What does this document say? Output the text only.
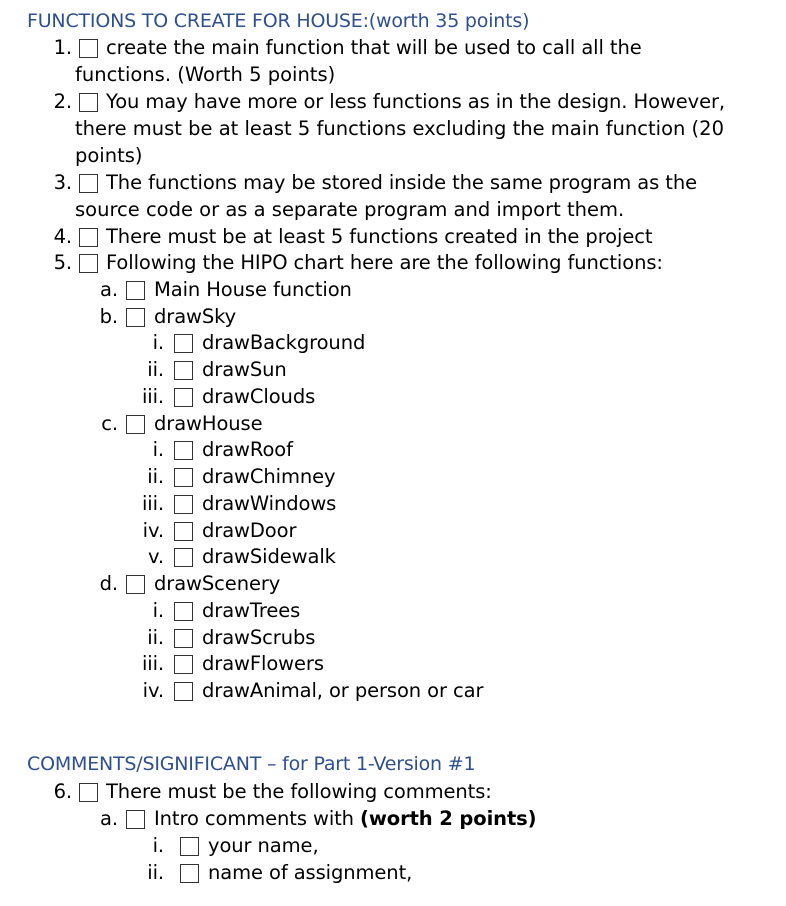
FUNCTIONS TO CREATE FOR HOUSE:(worth 35 points)
1. create the main function that will be used to call all the
functions. (Worth 5 points)
2. You may have more or less functions as in the design. However,
there must be at least 5 functions excluding the main function (20
points)
3. The functions may be stored inside the same program as the
source code or as a separate program and import them.
4. There must be at least 5 functions created in the project
5. Following the HIPO chart here are the following functions:
a. Main House function
b. drawSky
i. drawBackground
ii. drawSun
iii. drawClouds
c. drawHouse
i. drawRoof
ii. drawChimney
iii. drawWindows
iv. drawDoor
v. drawSidewalk
d. drawScenery
i. drawTrees
ii. drawScrubs
iii. drawFlowers
iv. drawAnimal, or person or car
COMMENTS/SIGNIFICANT – for Part 1-Version #1
6. There must be the following comments:
a. Intro comments with (worth 2 points)
i. your name,
ii. name of assignment,
